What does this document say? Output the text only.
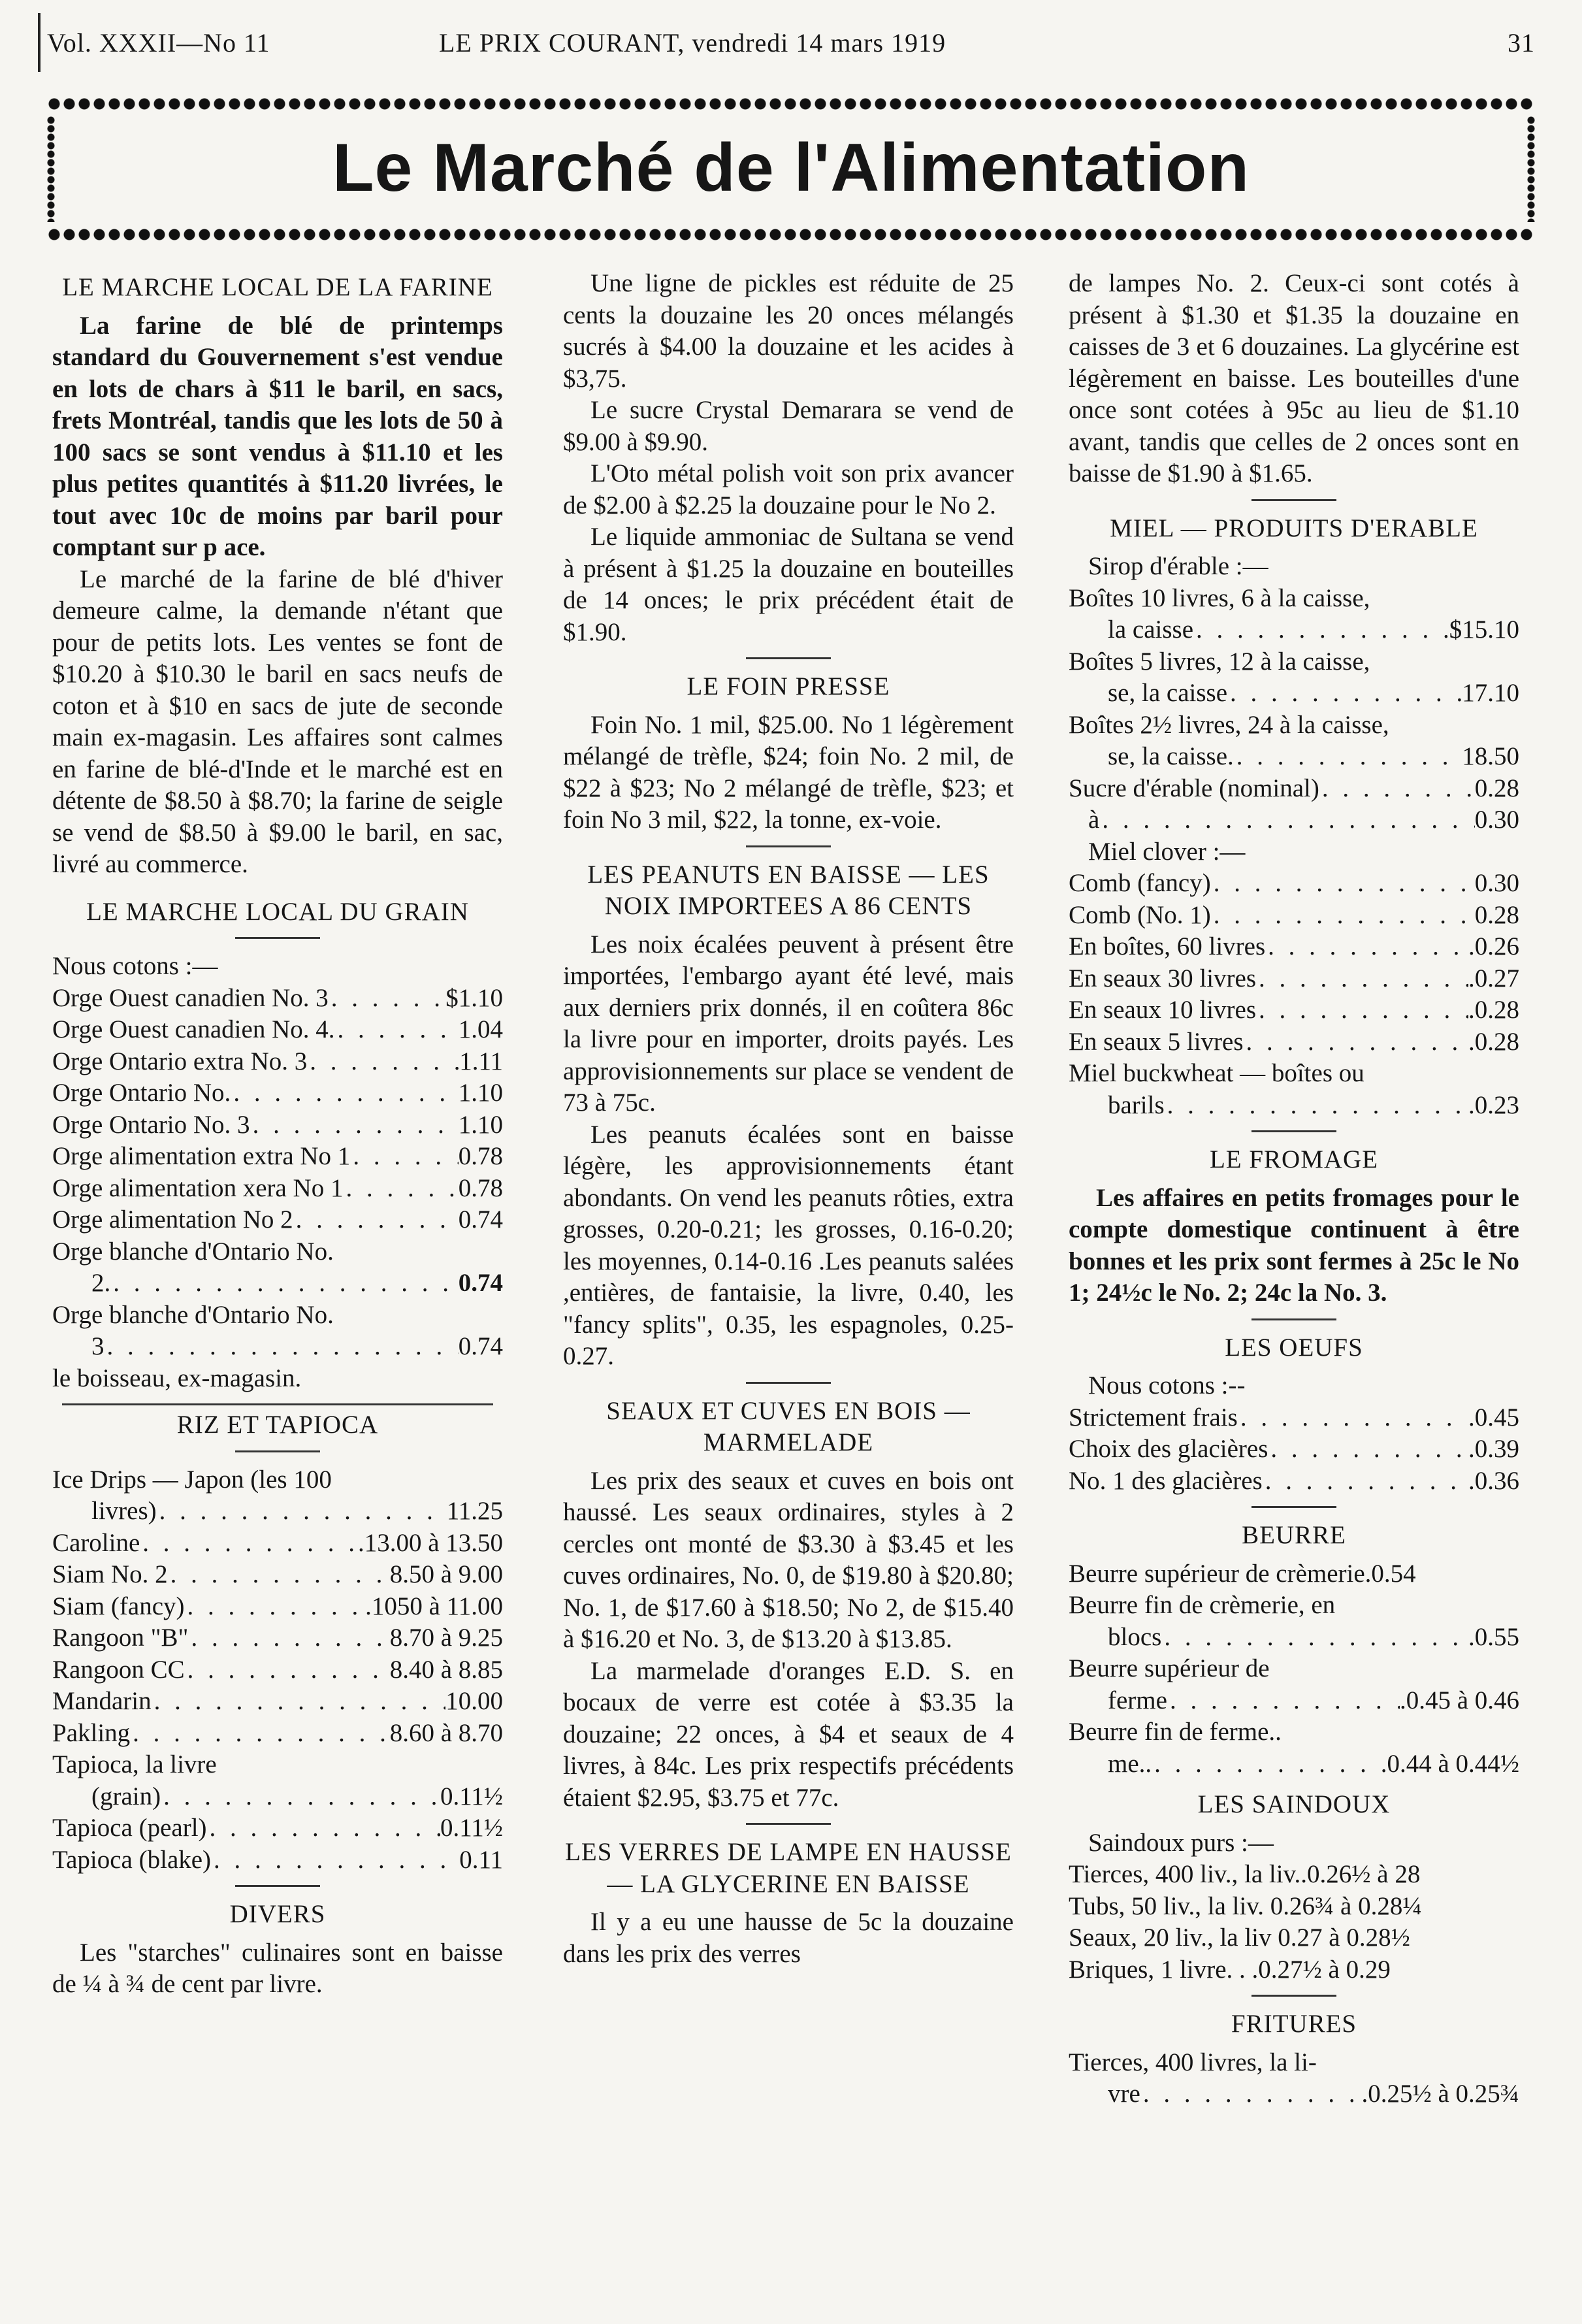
Vol. XXXII—No 11	LE PRIX COURANT, vendredi 14 mars 1919	31
Le Marché de l'Alimentation
LE MARCHE LOCAL DE LA FARINE

La farine de blé de printemps standard du Gouvernement s'est vendue en lots de chars à $11 le baril, en sacs, frets Montréal, tandis que les lots de 50 à 100 sacs se sont vendus à $11.10 et les plus petites quantités à $11.20 livrées, le tout avec 10c de moins par baril pour comptant sur p ace.

Le marché de la farine de blé d'hiver demeure calme, la demande n'étant que pour de petits lots. Les ventes se font de $10.20 à $10.30 le baril en sacs neufs de coton et à $10 en sacs de jute de seconde main ex-magasin. Les affaires sont calmes en farine de blé-d'Inde et le marché est en détente de $8.50 à $8.70; la farine de seigle se vend de $8.50 à $9.00 le baril, en sac, livré au commerce.

LE MARCHE LOCAL DU GRAIN
Nous cotons :—
Orge Ouest canadien No. 3 . . .	$1.10
Orge Ouest canadien No. 4. . . .	1.04
Orge Ontario extra No. 3 . . .	1.11
Orge Ontario No. . . .	1.10
Orge Ontario No. 3 . . .	1.10
Orge alimentation extra No 1 . . .	0.78
Orge alimentation xera No 1 . . .	0.78
Orge alimentation No 2 . . .	0.74
Orge blanche d'Ontario No.
2. . . .	0.74
Orge blanche d'Ontario No.
3 . . .	0.74
le boisseau, ex-magasin.
RIZ ET TAPIOCA
Ice Drips — Japon (les 100
livres) . . .	11.25
Caroline . . .	.13.00 à 13.50
Siam No. 2 . . .	8.50 à 9.00
Siam (fancy) . . .	.1050 à 11.00
Rangoon "B" . . .	8.70 à 9.25
Rangoon CC . . .	8.40 à 8.85
Mandarin . . .	10.00
Pakling . . .	8.60 à 8.70
Tapioca, la livre
(grain) . . .	0.11½
Tapioca (pearl) . . .	0.11½
Tapioca (blake) . . .	0.11
DIVERS

Les "starches" culinaires sont en baisse de ¼ à ¾ de cent par livre.

Une ligne de pickles est réduite de 25 cents la douzaine les 20 onces mélangés sucrés à $4.00 la douzaine et les acides à $3,75.

Le sucre Crystal Demarara se vend de $9.00 à $9.90.

L'Oto métal polish voit son prix avancer de $2.00 à $2.25 la douzaine pour le No 2.

Le liquide ammoniac de Sultana se vend à présent à $1.25 la douzaine en bouteilles de 14 onces; le prix précédent était de $1.90.

LE FOIN PRESSE

Foin No. 1 mil, $25.00. No 1 légèrement mélangé de trèfle, $24; foin No. 2 mil, de $22 à $23; No 2 mélangé de trèfle, $23; et foin No 3 mil, $22, la tonne, ex-voie.

LES PEANUTS EN BAISSE — LES NOIX IMPORTEES A 86 CENTS

Les noix écalées peuvent à présent être importées, l'embargo ayant été levé, mais aux derniers prix donnés, il en coûtera 86c la livre pour en importer, droits payés. Les approvisionnements sur place se vendent de 73 à 75c.

Les peanuts écalées sont en baisse légère, les approvisionnements étant abondants. On vend les peanuts rôties, extra grosses, 0.20-0.21; les grosses, 0.16-0.20; les moyennes, 0.14-0.16 .Les peanuts salées ,entières, de fantaisie, la livre, 0.40, les "fancy splits", 0.35, les espagnoles, 0.25-0.27.

SEAUX ET CUVES EN BOIS — MARMELADE

Les prix des seaux et cuves en bois ont haussé. Les seaux ordinaires, styles à 2 cercles ont monté de $3.30 à $3.45 et les cuves ordinaires, No. 0, de $19.80 à $20.80; No. 1, de $17.60 à $18.50; No 2, de $15.40 à $16.20 et No. 3, de $13.20 à $13.85.

La marmelade d'oranges E.D. S. en bocaux de verre est cotée à $3.35 la douzaine; 22 onces, à $4 et seaux de 4 livres, à 84c. Les prix respectifs précédents étaient $2.95, $3.75 et 77c.

LES VERRES DE LAMPE EN HAUSSE — LA GLYCERINE EN BAISSE

Il y a eu une hausse de 5c la douzaine dans les prix des verres

de lampes No. 2. Ceux-ci sont cotés à présent à $1.30 et $1.35 la douzaine en caisses de 3 et 6 douzaines. La glycérine est légèrement en baisse. Les bouteilles d'une once sont cotées à 95c au lieu de $1.10 avant, tandis que celles de 2 onces sont en baisse de $1.90 à $1.65.

MIEL — PRODUITS D'ERABLE
Sirop d'érable :—
Boîtes 10 livres, 6 à la caisse,
la caisse . . .	$15.10
Boîtes 5 livres, 12 à la caisse,
se, la caisse . . .	17.10
Boîtes 2½ livres, 24 à la caisse,
se, la caisse. . . .	18.50
Sucre d'érable (nominal) . . .	0.28
à . . .	0.30
Miel clover :—
Comb (fancy) . . .	0.30
Comb (No. 1) . . .	0.28
En boîtes, 60 livres . . .	.0.26
En seaux 30 livres . . .	.0.27
En seaux 10 livres . . .	.0.28
En seaux 5 livres . . .	.0.28
Miel buckwheat — boîtes ou
barils . . .	.0.23
LE FROMAGE

Les affaires en petits fromages pour le compte domestique continuent à être bonnes et les prix sont fermes à 25c le No 1; 24½c le No. 2; 24c la No. 3.

LES OEUFS
Nous cotons :--
Strictement frais . . .	.0.45
Choix des glacières . . .	.0.39
No. 1 des glacières . . .	.0.36
BEURRE
Beurre supérieur de crèmerie.0.54
Beurre fin de crèmerie, en
blocs . . .	.0.55
Beurre supérieur de
ferme . . .	.0.45 à 0.46
Beurre fin de ferme..
me.. . . .	.0.44 à 0.44½
LES SAINDOUX
Saindoux purs :—
Tierces, 400 liv., la liv..0.26½ à 28
Tubs, 50 liv., la liv. 0.26¾ à 0.28¼
Seaux, 20 liv., la liv 0.27 à 0.28½
Briques, 1 livre. . .0.27½ à 0.29
FRITURES
Tierces, 400 livres, la li-
vre . . .	.0.25½ à 0.25¾
